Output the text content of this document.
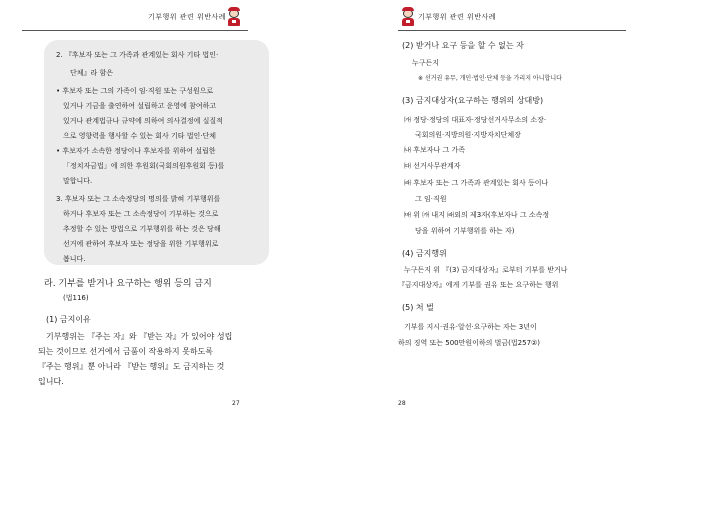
기부행위 관련 위반사례
2. 『후보자 또는 그 가족과 관계있는 회사 기타 법인·
단체』라 함은
• 후보자 또는 그의 가족이 임·직원 또는 구성원으로
있거나 기금을 출연하여 설립하고 운영에 참여하고
있거나 관계법규나 규약에 의하여 의사결정에 실질적
으로 영향력을 행사할 수 있는 회사 기타 법인·단체
• 후보자가 소속한 정당이나 후보자를 위하여 설립한
「정치자금법」에 의한 후원회(국회의원후원회 등)를
말합니다.
3. 후보자 또는 그 소속정당의 명의를 밝혀 기부행위를
하거나 후보자 또는 그 소속정당이 기부하는 것으로
추정할 수 있는 방법으로 기부행위를 하는 것은 당해
선거에 관하여 후보자 또는 정당을 위한 기부행위로
봅니다.
라. 기부를 받거나 요구하는 행위 등의 금지
(법116)
(1) 금지이유
기부행위는 『주는 자』와 『받는 자』가 있어야 성립
되는 것이므로 선거에서 금품이 작용하지 못하도록
『주는 행위』뿐 아니라 『받는 행위』도 금지하는 것
입니다.
27
기부행위 관련 위반사례
(2) 받거나 요구 등을 할 수 없는 자
누구든지
※ 선거권 유무, 개인·법인·단체 등을 가리지 아니합니다
(3) 금지대상자(요구하는 행위의 상대방)
㈎ 정당·정당의 대표자·정당선거사무소의 소장·
국회의원·지방의원·지방자치단체장
㈏ 후보자나 그 가족
㈐ 선거사무관계자
㈑ 후보자 또는 그 가족과 관계있는 회사 등이나
그 임·직원
㈒ 위 ㈎ 내지 ㈑외의 제3자(후보자나 그 소속정
당을 위하여 기부행위를 하는 자)
(4) 금지행위
누구든지 위 『(3) 금지대상자』로부터 기부를 받거나
『금지대상자』에게 기부를 권유 또는 요구하는 행위
(5) 처 벌
기부를 지시·권유·알선·요구하는 자는 3년이
하의 징역 또는 500만원이하의 벌금(법257②)
28
